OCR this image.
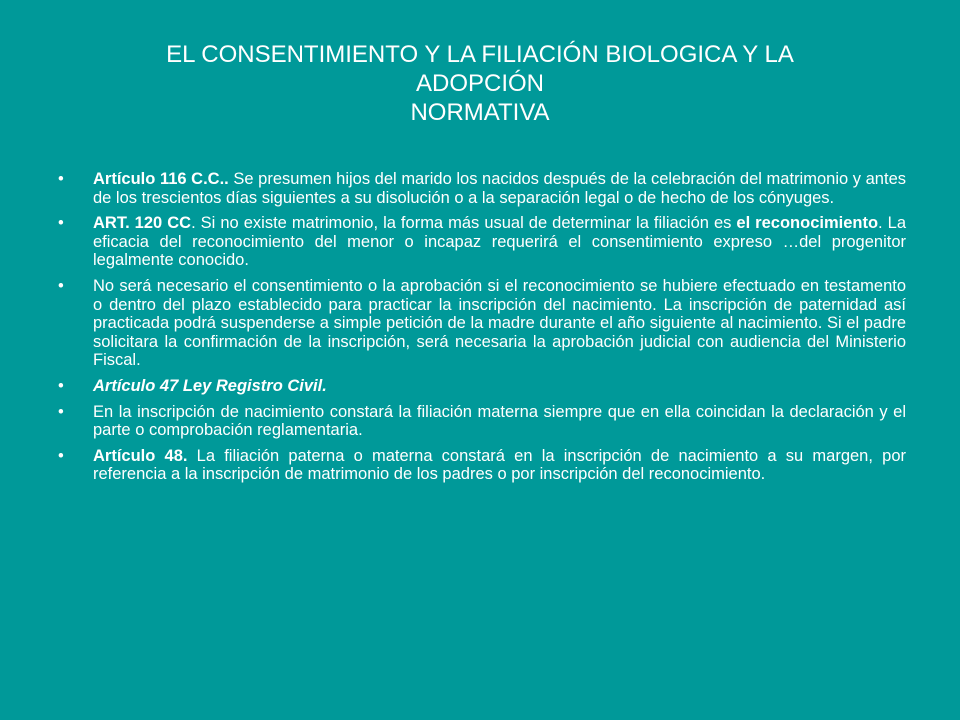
EL CONSENTIMIENTO Y LA FILIACIÓN BIOLOGICA Y LA
ADOPCIÓN
NORMATIVA
•	Artículo 116 C.C.. Se presumen hijos del marido los nacidos después de la celebración del matrimonio y antes de los trescientos días siguientes a su disolución o a la separación legal o de hecho de los cónyuges.
•	ART. 120 CC. Si no existe matrimonio, la forma más usual de determinar la filiación es el reconocimiento. La eficacia del reconocimiento del menor o incapaz requerirá el consentimiento expreso …del progenitor legalmente conocido.
•	No será necesario el consentimiento o la aprobación si el reconocimiento se hubiere efectuado en testamento o dentro del plazo establecido para practicar la inscripción del nacimiento. La inscripción de paternidad así practicada podrá suspenderse a simple petición de la madre durante el año siguiente al nacimiento. Si el padre solicitara la confirmación de la inscripción, será necesaria la aprobación judicial con audiencia del Ministerio Fiscal.
•	Artículo 47 Ley Registro Civil.
•	En la inscripción de nacimiento constará la filiación materna siempre que en ella coincidan la declaración y el parte o comprobación reglamentaria.
•	Artículo 48. La filiación paterna o materna constará en la inscripción de nacimiento a su margen, por referencia a la inscripción de matrimonio de los padres o por inscripción del reconocimiento.
